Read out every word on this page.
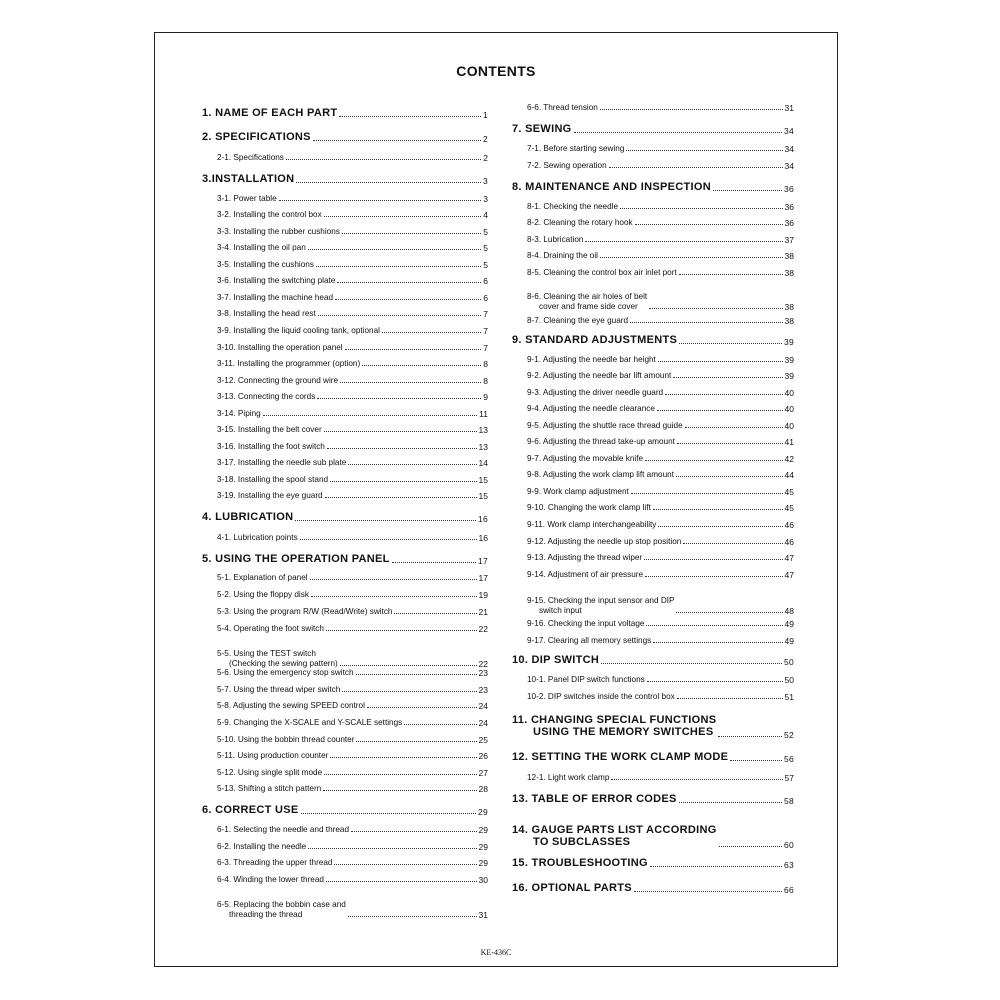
CONTENTS
1. NAME OF EACH PART	1
2. SPECIFICATIONS	2
2-1. Specifications	2
3.INSTALLATION	3
3-1. Power table	3
3-2. Installing the control box	4
3-3. Installing the rubber cushions	5
3-4. Installing the oil pan	5
3-5. Installing the cushions	5
3-6. Installing the switching plate	6
3-7. Installing the machine head	6
3-8. Installing the head rest	7
3-9. Installing the liquid cooling tank, optional	7
3-10. Installing the operation panel	7
3-11. Installing the programmer (option)	8
3-12. Connecting the ground wire	8
3-13. Connecting the cords	9
3-14. Piping	11
3-15. Installing the belt cover	13
3-16. Installing the foot switch	13
3-17. Installing the needle sub plate	14
3-18. Installing the spool stand	15
3-19. Installing the eye guard	15
4. LUBRICATION	16
4-1. Lubrication points	16
5. USING THE OPERATION PANEL	17
5-1. Explanation of panel	17
5-2. Using the floppy disk	19
5-3. Using the program R/W (Read/Write) switch	21
5-4. Operating the foot switch	22
5-5. Using the TEST switch
(Checking the sewing pattern)	22
5-6. Using the emergency stop switch	23
5-7. Using the thread wiper switch	23
5-8. Adjusting the sewing SPEED control	24
5-9. Changing the X-SCALE and Y-SCALE settings	24
5-10. Using the bobbin thread counter	25
5-11. Using production counter	26
5-12. Using single split mode	27
5-13. Shifting a stitch pattern	28
6. CORRECT USE	29
6-1. Selecting the needle and thread	29
6-2. Installing the needle	29
6-3. Threading the upper thread	29
6-4. Winding the lower thread	30
6-5. Replacing the bobbin case and
threading the thread	31
6-6. Thread tension	31
7. SEWING	34
7-1. Before starting sewing	34
7-2. Sewing operation	34
8. MAINTENANCE AND INSPECTION	36
8-1. Checking the needle	36
8-2. Cleaning the rotary hook	36
8-3. Lubrication	37
8-4. Draining the oil	38
8-5. Cleaning the control box air inlet port	38
8-6. Cleaning the air holes of belt
cover and frame side cover	38
8-7. Cleaning the eye guard	38
9. STANDARD ADJUSTMENTS	39
9-1. Adjusting the needle bar height	39
9-2. Adjusting the needle bar lift amount	39
9-3. Adjusting the driver needle guard	40
9-4. Adjusting the needle clearance	40
9-5. Adjusting the shuttle race thread guide	40
9-6. Adjusting the thread take-up amount	41
9-7. Adjusting the movable knife	42
9-8. Adjusting the work clamp lift amount	44
9-9. Work clamp adjustment	45
9-10. Changing the work clamp lift	45
9-11. Work clamp interchangeability	46
9-12. Adjusting the needle up stop position	46
9-13. Adjusting the thread wiper	47
9-14. Adjustment of air pressure	47
9-15. Checking the input sensor and DIP
switch input	48
9-16. Checking the input voltage	49
9-17. Clearing all memory settings	49
10. DIP SWITCH	50
10-1. Panel DIP switch functions	50
10-2. DIP switches inside the control box	51
11. CHANGING SPECIAL FUNCTIONS
USING THE MEMORY SWITCHES	52
12. SETTING THE WORK CLAMP MODE	56
12-1. Light work clamp	57
13. TABLE OF ERROR CODES	58
14. GAUGE PARTS LIST ACCORDING
TO SUBCLASSES	60
15. TROUBLESHOOTING	63
16. OPTIONAL PARTS	66
KE-436C
